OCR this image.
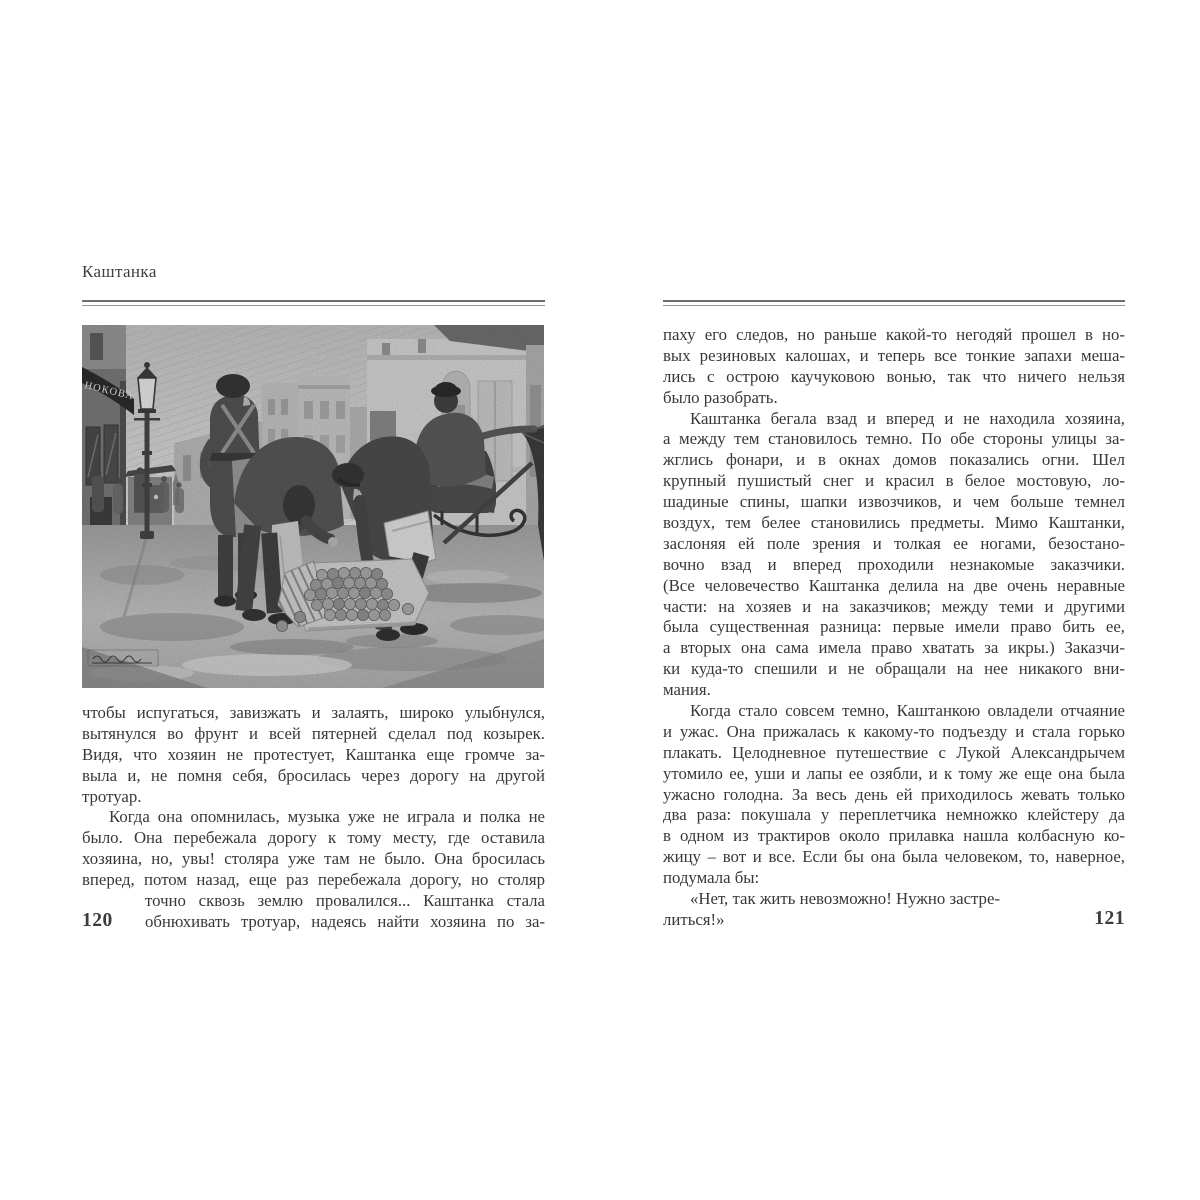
Каштанка
НОКОВА
чтобы испугаться, завизжать и залаять, широко улыбнулся,
вытянулся во фрунт и всей пятерней сделал под козырек.
Видя, что хозяин не протестует, Каштанка еще громче за-
выла и, не помня себя, бросилась через дорогу на другой
тротуар.
Когда она опомнилась, музыка уже не играла и полка не
было. Она перебежала дорогу к тому месту, где оставила
хозяина, но, увы! столяра уже там не было. Она бросилась
вперед, потом назад, еще раз перебежала дорогу, но столяр
120
точно сквозь землю провалился... Каштанка стала
обнюхивать тротуар, надеясь найти хозяина по за-
паху его следов, но раньше какой-то негодяй прошел в но-
вых резиновых калошах, и теперь все тонкие запахи меша-
лись с острою каучуковою вонью, так что ничего нельзя
было разобрать.
Каштанка бегала взад и вперед и не находила хозяина,
а между тем становилось темно. По обе стороны улицы за-
жглись фонари, и в окнах домов показались огни. Шел
крупный пушистый снег и красил в белое мостовую, ло-
шадиные спины, шапки извозчиков, и чем больше темнел
воздух, тем белее становились предметы. Мимо Каштанки,
заслоняя ей поле зрения и толкая ее ногами, безостано-
вочно взад и вперед проходили незнакомые заказчики.
(Все человечество Каштанка делила на две очень неравные
части: на хозяев и на заказчиков; между теми и другими
была существенная разница: первые имели право бить ее,
а вторых она сама имела право хватать за икры.) Заказчи-
ки куда-то спешили и не обращали на нее никакого вни-
мания.
Когда стало совсем темно, Каштанкою овладели отчаяние
и ужас. Она прижалась к какому-то подъезду и стала горько
плакать. Целодневное путешествие с Лукой Александрычем
утомило ее, уши и лапы ее озябли, и к тому же еще она была
ужасно голодна. За весь день ей приходилось жевать только
два раза: покушала у переплетчика немножко клейстеру да
в одном из трактиров около прилавка нашла колбасную ко-
жицу – вот и все. Если бы она была человеком, то, наверное,
подумала бы:
121
«Нет, так жить невозможно! Нужно застре-
литься!»
